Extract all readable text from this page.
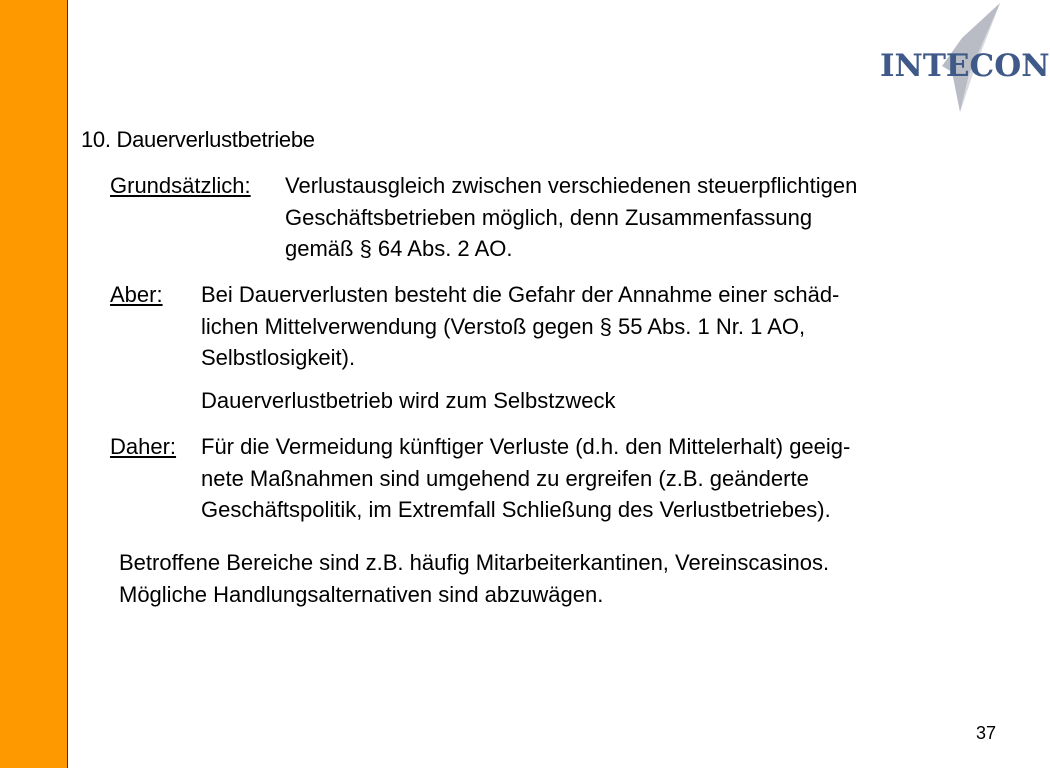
INTECON
10. Dauerverlustbetriebe
Grundsätzlich: Verlustausgleich zwischen verschiedenen steuerpflichtigen
Geschäftsbetrieben möglich, denn Zusammenfassung
gemäß § 64 Abs. 2 AO.

Aber: Bei Dauerverlusten besteht die Gefahr der Annahme einer schäd-
lichen Mittelverwendung (Verstoß gegen § 55 Abs. 1 Nr. 1 AO,
Selbstlosigkeit).

Dauerverlustbetrieb wird zum Selbstzweck

Daher: Für die Vermeidung künftiger Verluste (d.h. den Mittelerhalt) geeig-
nete Maßnahmen sind umgehend zu ergreifen (z.B. geänderte
Geschäftspolitik, im Extremfall Schließung des Verlustbetriebes).

Betroffene Bereiche sind z.B. häufig Mitarbeiterkantinen, Vereinscasinos.
Mögliche Handlungsalternativen sind abzuwägen.

37
